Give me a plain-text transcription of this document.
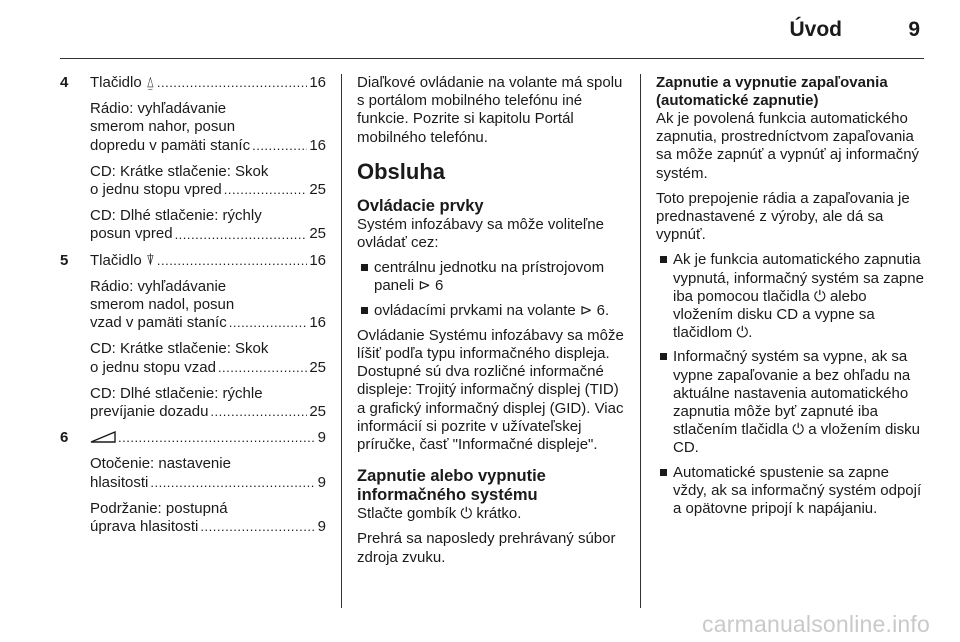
Úvod	9
4 Tlačidlo ⍙ .....	16
Rádio: vyhľadávanie
smerom nahor, posun
dopredu v pamäti staníc .....	16
CD: Krátke stlačenie: Skok
o jednu stopu vpred .....	25
CD: Dlhé stlačenie: rýchly
posun vpred .....	25
5 Tlačidlo ⍒ .....	16
Rádio: vyhľadávanie
smerom nadol, posun
vzad v pamäti staníc .....	16
CD: Krátke stlačenie: Skok
o jednu stopu vzad .....	25
CD: Dlhé stlačenie: rýchle
prevíjanie dozadu .....	25
6 .....	9
Otočenie: nastavenie
hlasitosti .....	9
Podržanie: postupná
úprava hlasitosti .....	9

Diaľkové ovládanie na volante má spolu s portálom mobilného telefónu iné funkcie. Pozrite si kapitolu Portál mobilného telefónu.

Obsluha
Ovládacie prvky

Systém infozábavy sa môže voliteľne ovládať cez:

centrálnu jednotku na prístrojovom paneli ⊳ 6
ovládacími prvkami na volante ⊳ 6.

Ovládanie Systému infozábavy sa môže líšiť podľa typu informačného displeja. Dostupné sú dva rozličné informačné displeje: Trojitý informačný displej (TID) a grafický informačný displej (GID). Viac informácií si pozrite v užívateľskej príručke, časť "Informačné displeje".

Zapnutie alebo vypnutie informačného systému

Stlačte gombík ⏻ krátko.

Prehrá sa naposledy prehrávaný súbor zdroja zvuku.

Zapnutie a vypnutie zapaľovania (automatické zapnutie)

Ak je povolená funkcia automatického zapnutia, prostredníctvom zapaľovania sa môže zapnúť a vypnúť aj informačný systém.

Toto prepojenie rádia a zapaľovania je prednastavené z výroby, ale dá sa vypnúť.

Ak je funkcia automatického zapnutia vypnutá, informačný systém sa zapne iba pomocou tlačidla ⏻ alebo vložením disku CD a vypne sa tlačidlom ⏻.
Informačný systém sa vypne, ak sa vypne zapaľovanie a bez ohľadu na aktuálne nastavenia automatického zapnutia môže byť zapnuté iba stlačením tlačidla ⏻ a vložením disku CD.
Automatické spustenie sa zapne vždy, ak sa informačný systém odpojí a opätovne pripojí k napájaniu.
carmanualsonline.info
